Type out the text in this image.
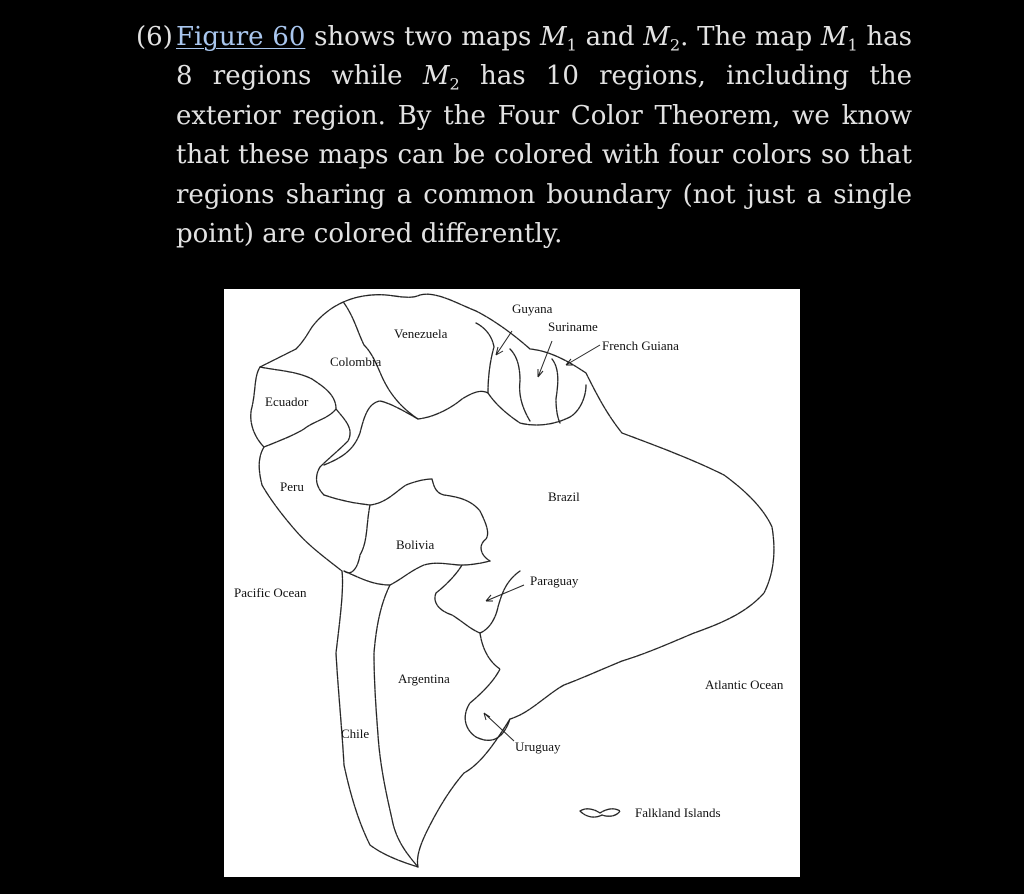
(6) Figure 60 shows two maps $M_1$ and $M_2$. The map $M_1$ has 8 regions while $M_2$ has 10 regions, including the exterior region. By the Four Color Theorem, we know that these maps can be colored with four colors so that regions sharing a common boundary (not just a single point) are colored differently.
Guyana
Suriname
French Guiana
Venezuela
Colombia
Ecuador
Peru
Brazil
Bolivia
Paraguay
Pacific Ocean
Argentina	Atlantic Ocean
Chile
Uruguay
Falkland Islands
